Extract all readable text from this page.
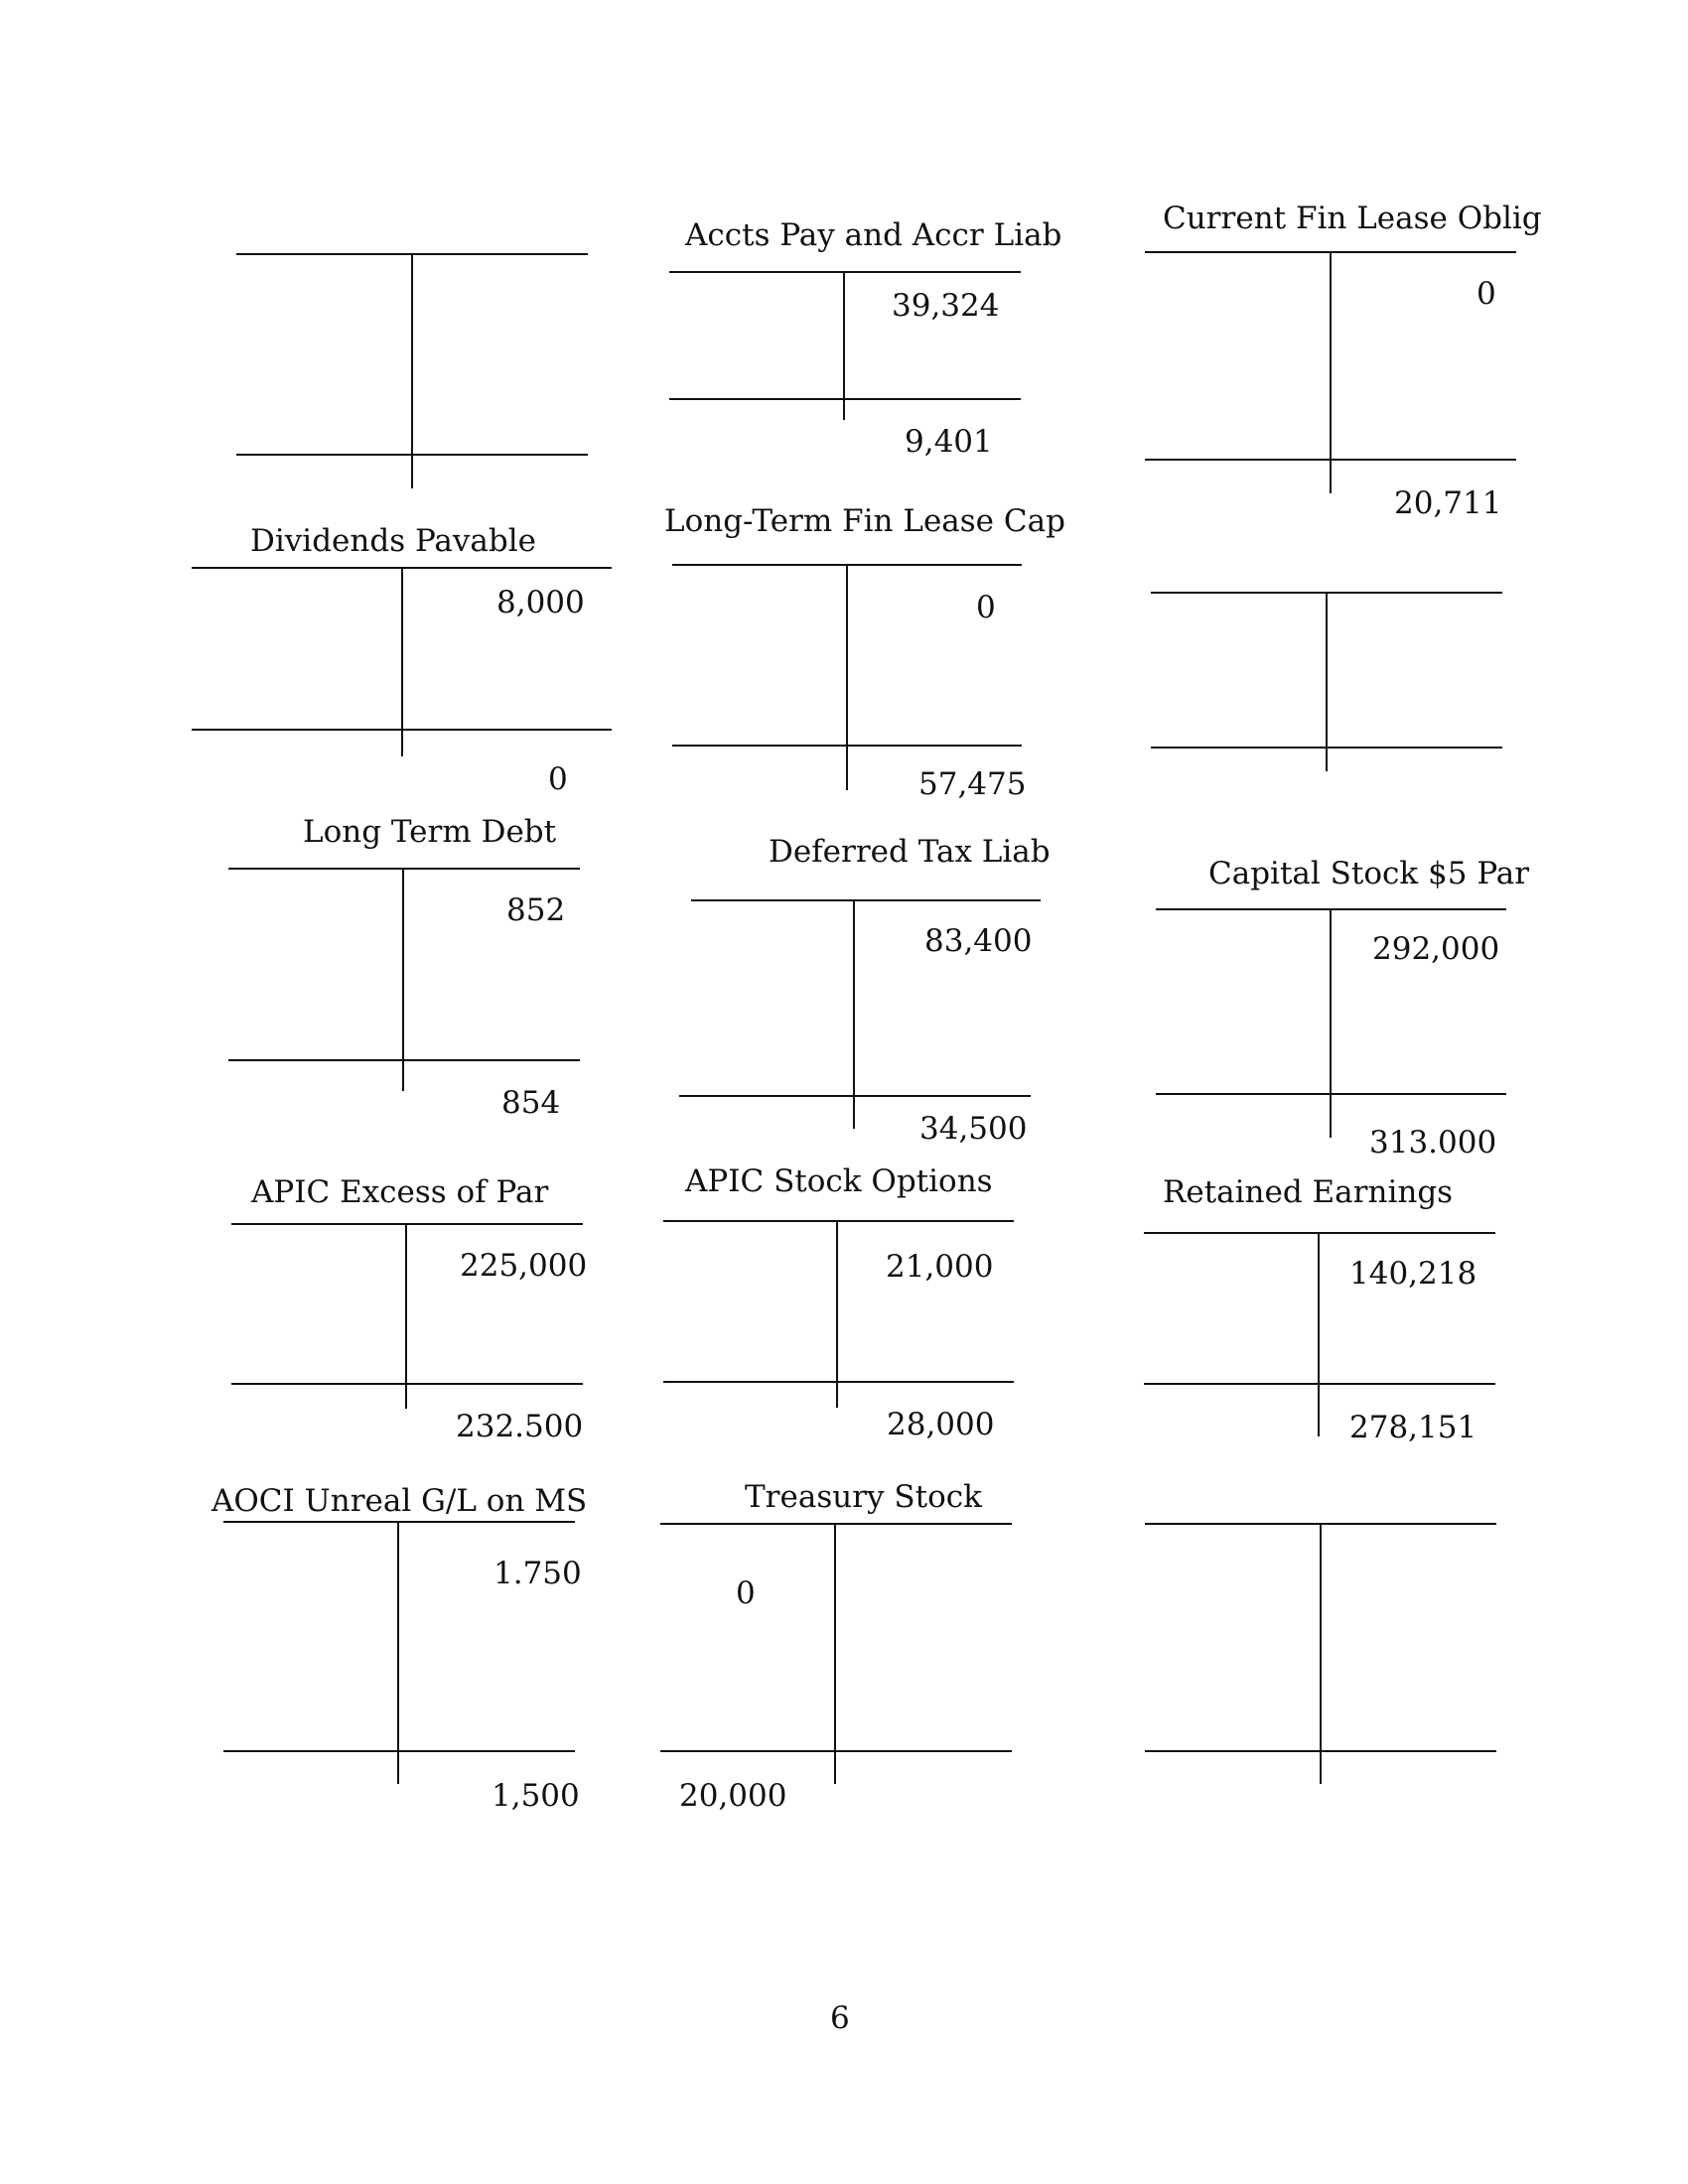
Accts Pay and Accr Liab
39,324
9,401
Current Fin Lease Oblig
0
20,711
Dividends Pavable
8,000
0
Long-Term Fin Lease Cap
0
57,475
Long Term Debt
852
854
Deferred Tax Liab
83,400
34,500
Capital Stock $5 Par
292,000
313.000
APIC Excess of Par
225,000
232.500
APIC Stock Options
21,000
28,000
Retained Earnings
140,218
278,151
AOCI Unreal G/L on MS
1.750
1,500
Treasury Stock
0
20,000
6
